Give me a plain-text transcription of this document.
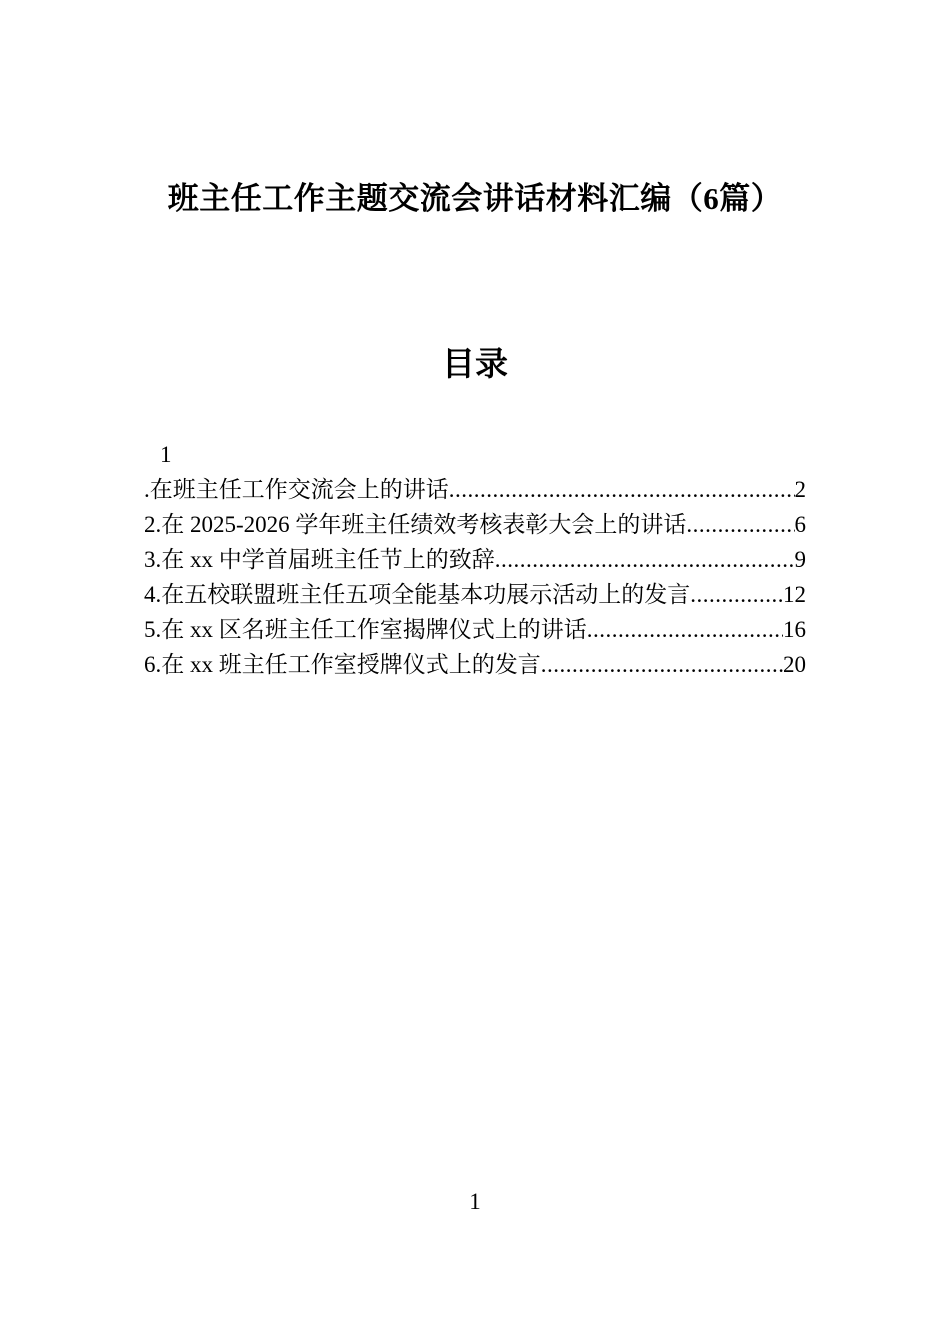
班主任工作主题交流会讲话材料汇编（6篇）
目录
1
.在班主任工作交流会上的讲话 .....	2
2.在 2025-2026 学年班主任绩效考核表彰大会上的讲话 .....	6
3.在 xx 中学首届班主任节上的致辞 .....	9
4.在五校联盟班主任五项全能基本功展示活动上的发言 .....	12
5.在 xx 区名班主任工作室揭牌仪式上的讲话 .....	16
6.在 xx 班主任工作室授牌仪式上的发言 .....	20
1
